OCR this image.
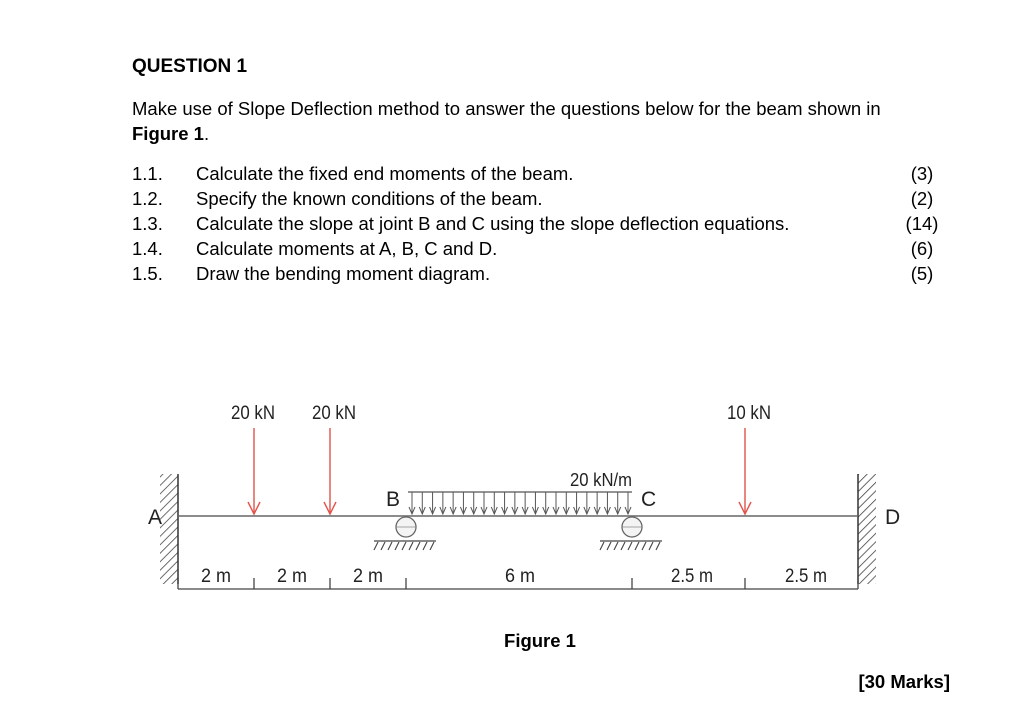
QUESTION 1

Make use of Slope Deflection method to answer the questions below for the beam shown in
Figure 1.

1.1. Calculate the fixed end moments of the beam.	(3)
1.2. Specify the known conditions of the beam.	(2)
1.3. Calculate the slope at joint B and C using the slope deflection equations.	(14)
1.4. Calculate moments at A, B, C and D.	(6)
1.5. Draw the bending moment diagram.	(5)
20 kN/m
20 kN 20 kN	10 kN
A
B	C
D
2 m 2 m 2 m	6 m	2.5 m	2.5 m

Figure 1

[30 Marks]
